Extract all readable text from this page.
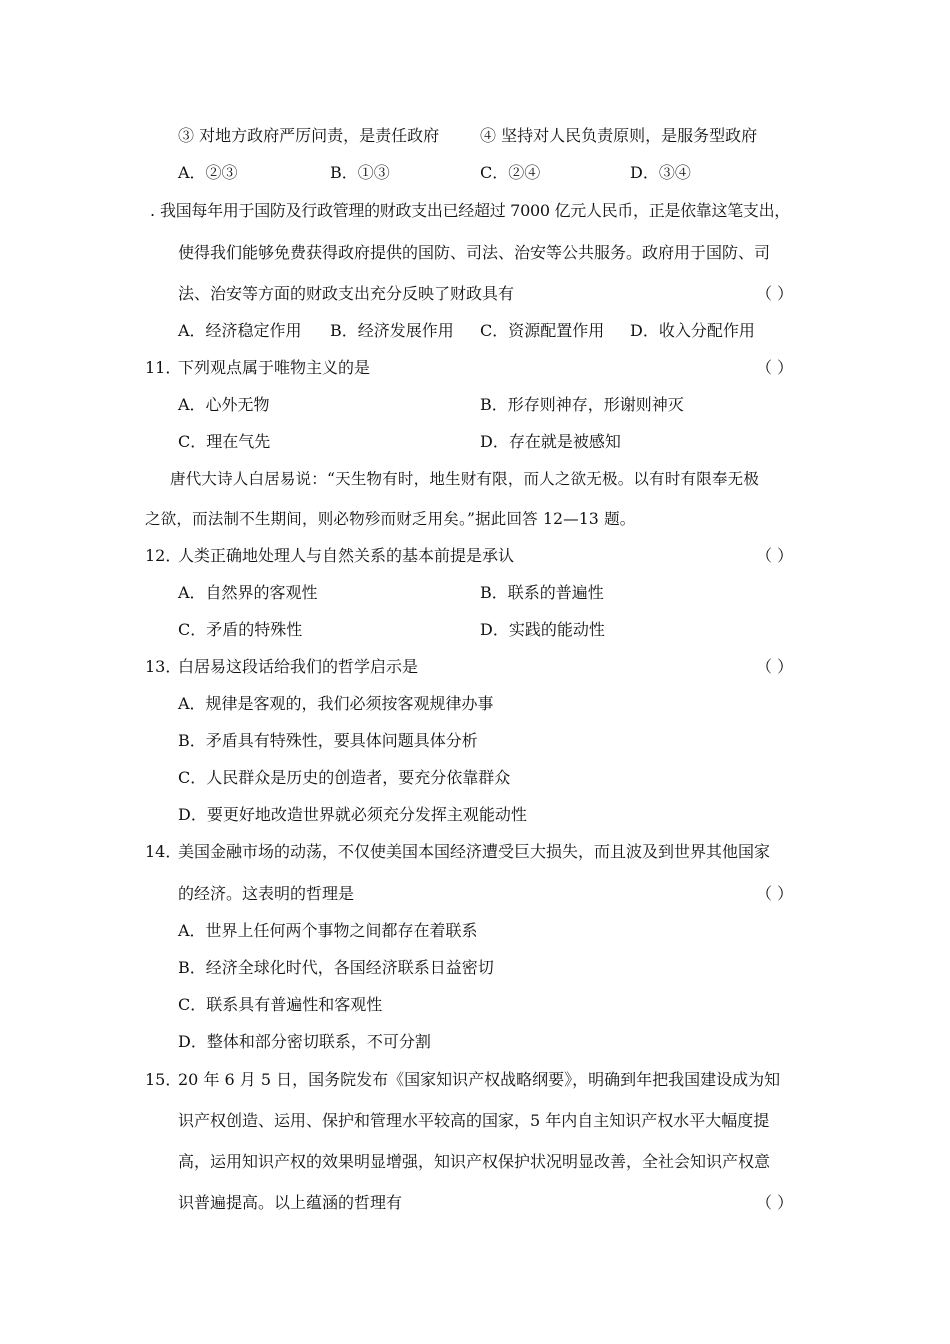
③ 对地方政府严厉问责，是责任政府	④ 坚持对人民负责原则，是服务型政府
A．②③	B．①③	C．②④	D．③④
. 我国每年用于国防及行政管理的财政支出已经超过 7000 亿元人民币，正是依靠这笔支出，
使得我们能够免费获得政府提供的国防、司法、治安等公共服务。政府用于国防、司
法、治安等方面的财政支出充分反映了财政具有	（ ）
A．经济稳定作用 B．经济发展作用 C．资源配置作用 D．收入分配作用
11．
下列观点属于唯物主义的是	（ ）
A．心外无物	B．形存则神存，形谢则神灭
C．理在气先	D．存在就是被感知
唐代大诗人白居易说：“天生物有时，地生财有限，而人之欲无极。以有时有限奉无极
之欲，而法制不生期间，则必物殄而财乏用矣。”据此回答 12—13 题。
12．
人类正确地处理人与自然关系的基本前提是承认	（ ）
A．自然界的客观性	B．联系的普遍性
C．矛盾的特殊性	D．实践的能动性
13．
白居易这段话给我们的哲学启示是	（ ）
A．规律是客观的，我们必须按客观规律办事
B．矛盾具有特殊性，要具体问题具体分析
C．人民群众是历史的创造者，要充分依靠群众
D．要更好地改造世界就必须充分发挥主观能动性
14．
美国金融市场的动荡，不仅使美国本国经济遭受巨大损失，而且波及到世界其他国家
的经济。这表明的哲理是	（ ）
A．世界上任何两个事物之间都存在着联系
B．经济全球化时代，各国经济联系日益密切
C．联系具有普遍性和客观性
D．整体和部分密切联系，不可分割
15．
20 年 6 月 5 日，国务院发布《国家知识产权战略纲要》，明确到年把我国建设成为知
识产权创造、运用、保护和管理水平较高的国家，5 年内自主知识产权水平大幅度提
高，运用知识产权的效果明显增强，知识产权保护状况明显改善，全社会知识产权意
识普遍提高。以上蕴涵的哲理有	（ ）
